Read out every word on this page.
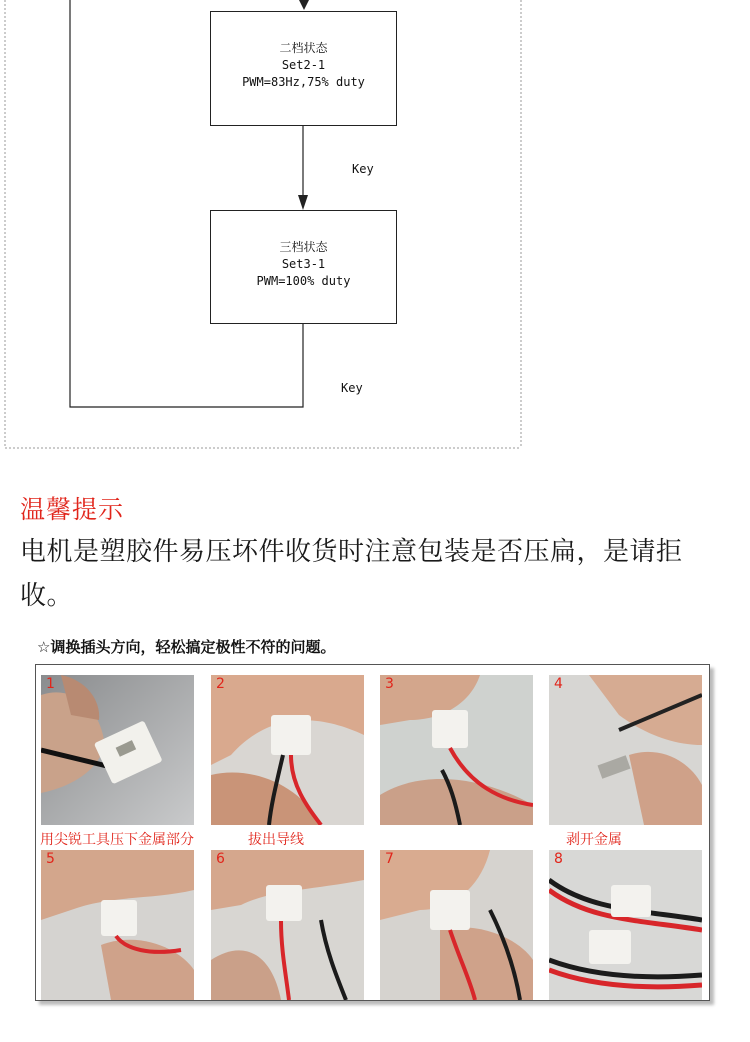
二档状态
Set2-1
PWM=83Hz,75% duty
三档状态
Set3-1
PWM=100% duty
Key
Key
温馨提示
电机是塑胶件易压坏件收货时注意包装是否压扁，是请拒收。
☆调换插头方向，轻松搞定极性不符的问题。
1	2	3	4
用尖锐工具压下金属部分	拔出导线	剥开金属
5	6	7	8
